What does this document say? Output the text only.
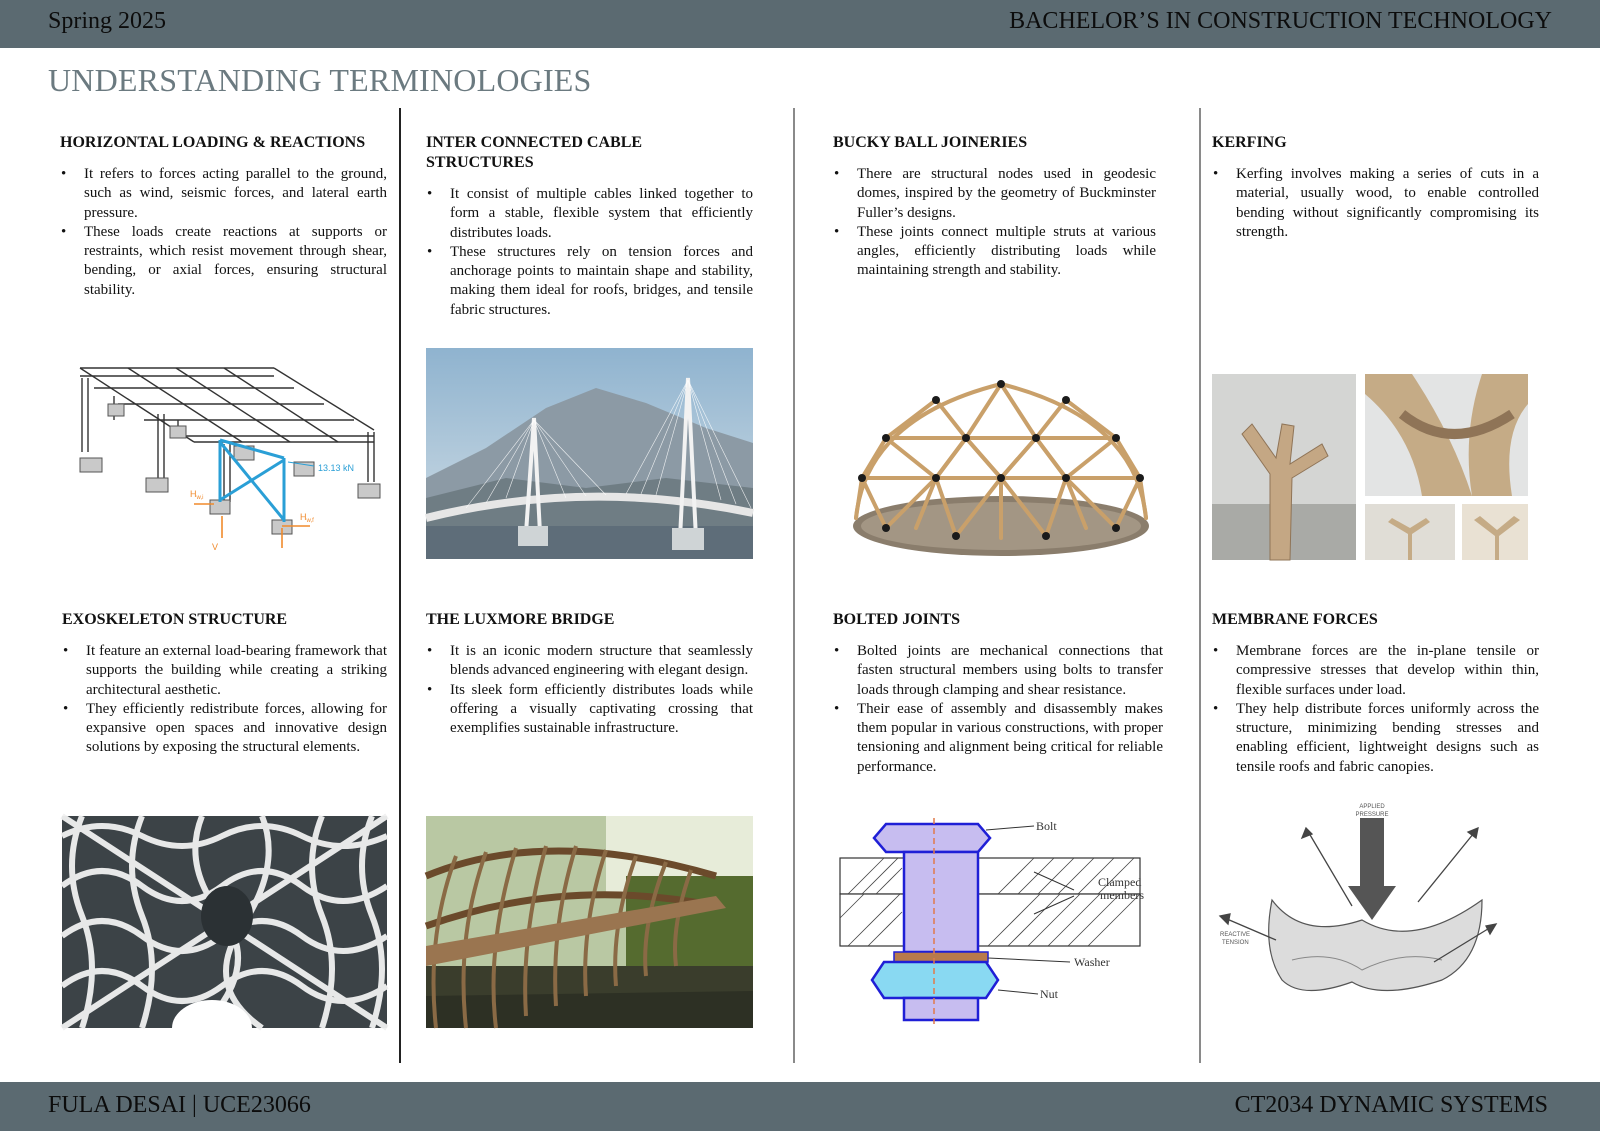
Spring 2025	BACHELOR’S IN CONSTRUCTION TECHNOLOGY
UNDERSTANDING TERMINOLOGIES
HORIZONTAL LOADING & REACTIONS
• It refers to forces acting parallel to the ground, such as wind, seismic forces, and lateral earth pressure.
• These loads create reactions at supports or restraints, which resist movement through shear, bending, or axial forces, ensuring structural stability.
INTER CONNECTED CABLE STRUCTURES
• It consist of multiple cables linked together to form a stable, flexible system that efficiently distributes loads.
• These structures rely on tension forces and anchorage points to maintain shape and stability, making them ideal for roofs, bridges, and tensile fabric structures.
BUCKY BALL JOINERIES
• There are structural nodes used in geodesic domes, inspired by the geometry of Buckminster Fuller’s designs.
• These joints connect multiple struts at various angles, efficiently distributing loads while maintaining strength and stability.
KERFING
• Kerfing involves making a series of cuts in a material, usually wood, to enable controlled bending without significantly compromising its strength.
EXOSKELETON STRUCTURE
• It feature an external load-bearing framework that supports the building while creating a striking architectural aesthetic.
• They efficiently redistribute forces, allowing for expansive open spaces and innovative design solutions by exposing the structural elements.
THE LUXMORE BRIDGE
• It is an iconic modern structure that seamlessly blends advanced engineering with elegant design.
• Its sleek form efficiently distributes loads while offering a visually captivating crossing that exemplifies sustainable infrastructure.
BOLTED JOINTS
• Bolted joints are mechanical connections that fasten structural members using bolts to transfer loads through clamping and shear resistance.
• Their ease of assembly and disassembly makes them popular in various constructions, with proper tensioning and alignment being critical for reliable performance.
MEMBRANE FORCES
• Membrane forces are the in-plane tensile or compressive stresses that develop within thin, flexible surfaces under load.
• They help distribute forces uniformly across the structure, minimizing bending stresses and enabling efficient, lightweight designs such as tensile roofs and fabric canopies.
13.13 kN
$H_{w,i}$
$H_{w,f}$
V
Bolt
Clamped
members
Washer
Nut
APPLIED
PRESSURE
REACTIVE
TENSION
FULA DESAI | UCE23066	CT2034 DYNAMIC SYSTEMS
